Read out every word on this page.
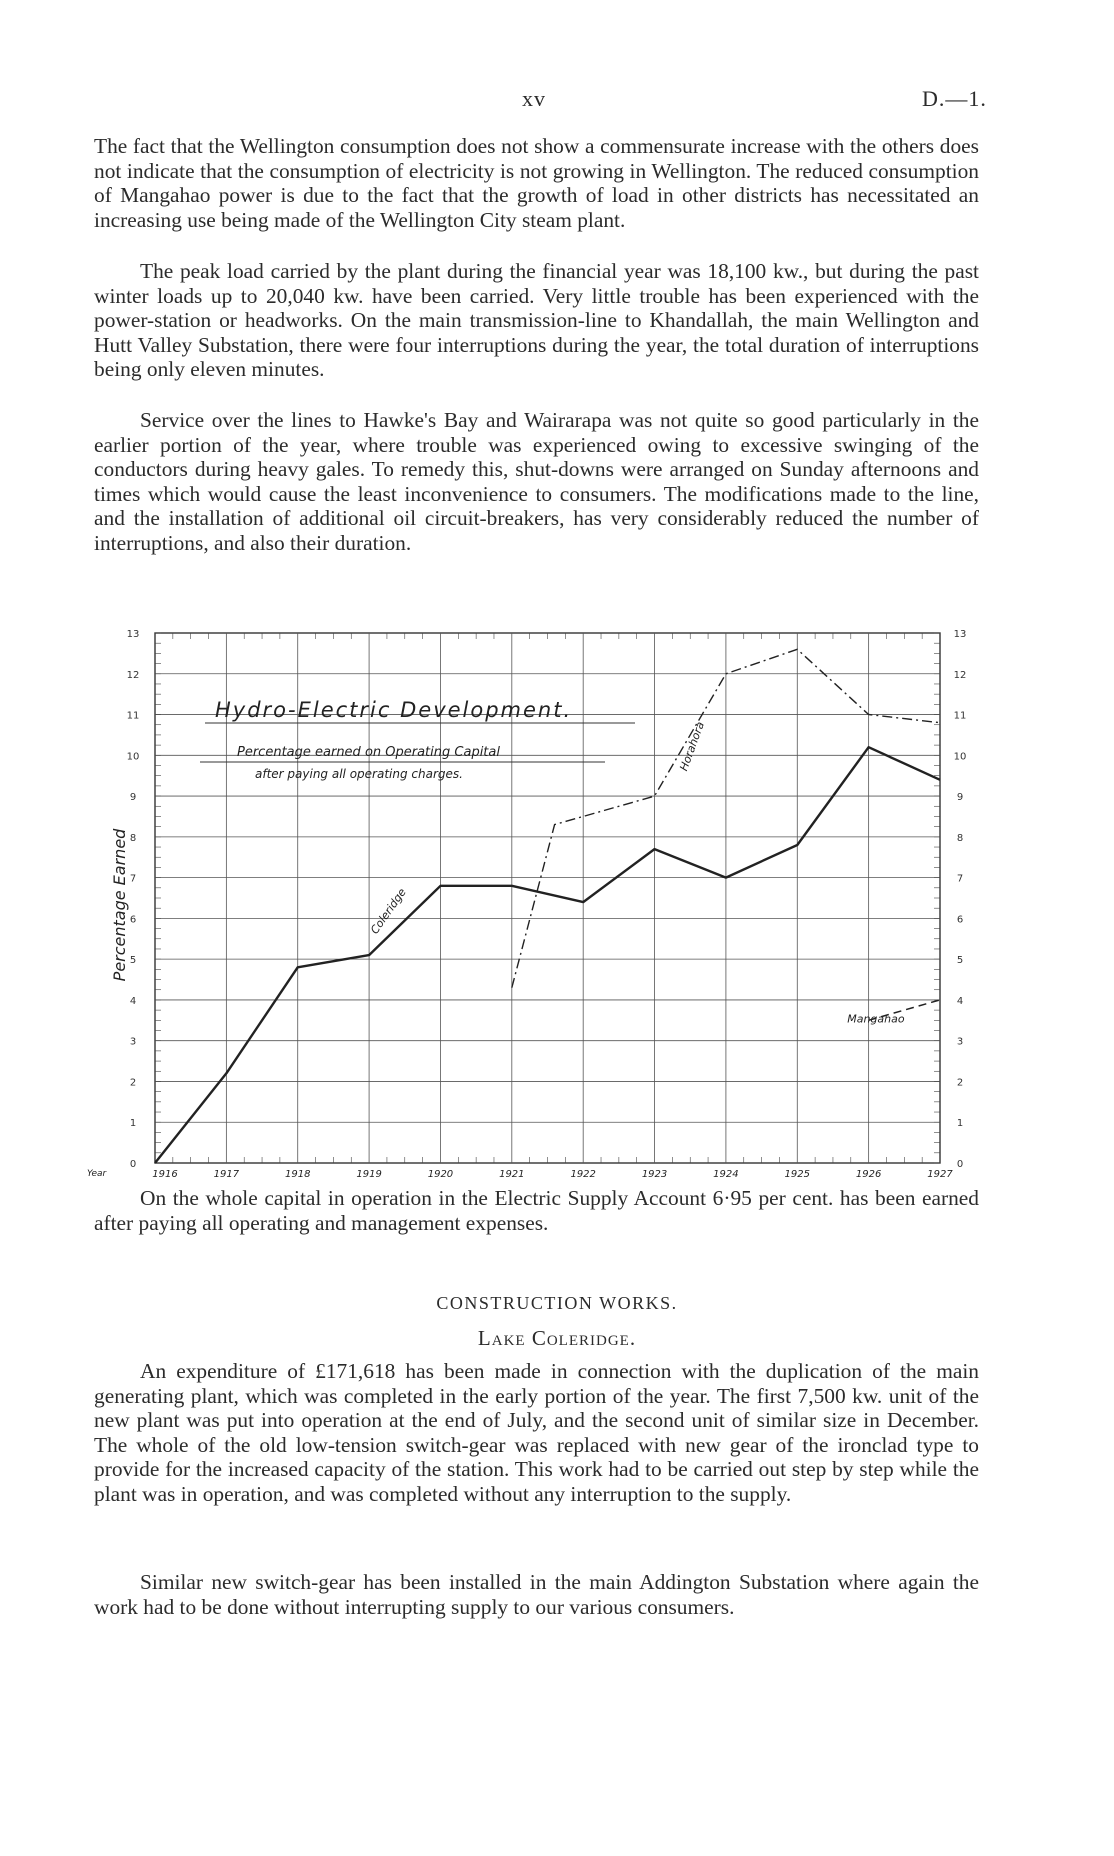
xv	D.—1.

The fact that the Wellington consumption does not show a commensurate increase with the others does not indicate that the consumption of electricity is not growing in Wellington. The reduced consumption of Mangahao power is due to the fact that the growth of load in other districts has necessitated an increasing use being made of the Wellington City steam plant.

The peak load carried by the plant during the financial year was 18,100 kw., but during the past winter loads up to 20,040 kw. have been carried. Very little trouble has been experienced with the power-station or headworks. On the main transmission-line to Khandallah, the main Wellington and Hutt Valley Substation, there were four interruptions during the year, the total duration of interruptions being only eleven minutes.

Service over the lines to Hawke's Bay and Wairarapa was not quite so good particularly in the earlier portion of the year, where trouble was experienced owing to excessive swinging of the conductors during heavy gales. To remedy this, shut-downs were arranged on Sunday afternoons and times which would cause the least inconvenience to consumers. The modifications made to the line, and the installation of additional oil circuit-breakers, has very considerably reduced the number of interruptions, and also their duration.

0
1
2
3
4
5
6
7
8
9
10
11
12
13
0
1
2
3
4
5
6
7
8
9
10
11
12
13
1916	1917	1918	1919	1920	1921	1922	1923	1924	1925	1926	1927
Coleridge
Horahora
Mangahao
Hydro-Electric Development.
Percentage earned on Operating Capital
after paying all operating charges.
Percentage Earned
Year

On the whole capital in operation in the Electric Supply Account 6·95 per cent. has been earned after paying all operating and management expenses.

CONSTRUCTION WORKS.
Lake Coleridge.

An expenditure of £171,618 has been made in connection with the duplication of the main generating plant, which was completed in the early portion of the year. The first 7,500 kw. unit of the new plant was put into operation at the end of July, and the second unit of similar size in December. The whole of the old low-tension switch-gear was replaced with new gear of the ironclad type to provide for the increased capacity of the station. This work had to be carried out step by step while the plant was in operation, and was completed without any interruption to the supply.

Similar new switch-gear has been installed in the main Addington Substation where again the work had to be done without interrupting supply to our various consumers.
